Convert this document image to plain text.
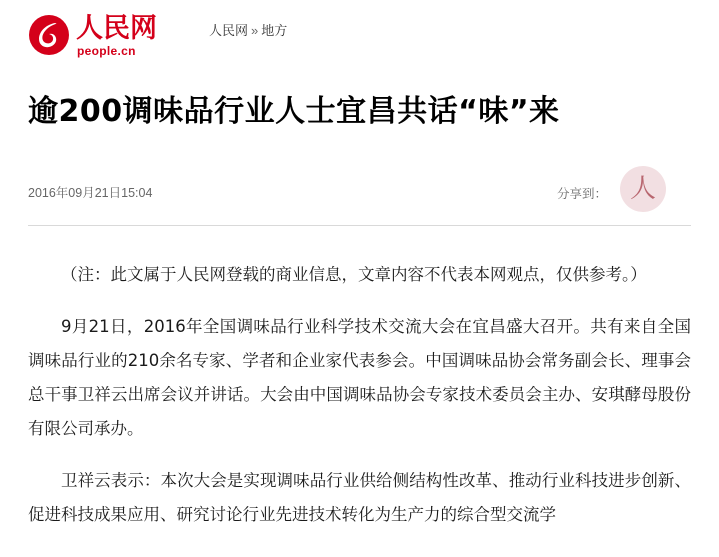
人民网
people.cn
人民网 » 地方
逾200调味品行业人士宜昌共话“味”来
2016年09月21日15:04	分享到： 人

（注：此文属于人民网登载的商业信息，文章内容不代表本网观点，仅供参考。）

9月21日，2016年全国调味品行业科学技术交流大会在宜昌盛大召开。共有来自全国调味品行业的210余名专家、学者和企业家代表参会。中国调味品协会常务副会长、理事会总干事卫祥云出席会议并讲话。大会由中国调味品协会专家技术委员会主办、安琪酵母股份有限公司承办。

卫祥云表示：本次大会是实现调味品行业供给侧结构性改革、推动行业科技进步创新、促进科技成果应用、研究讨论行业先进技术转化为生产力的综合型交流学
